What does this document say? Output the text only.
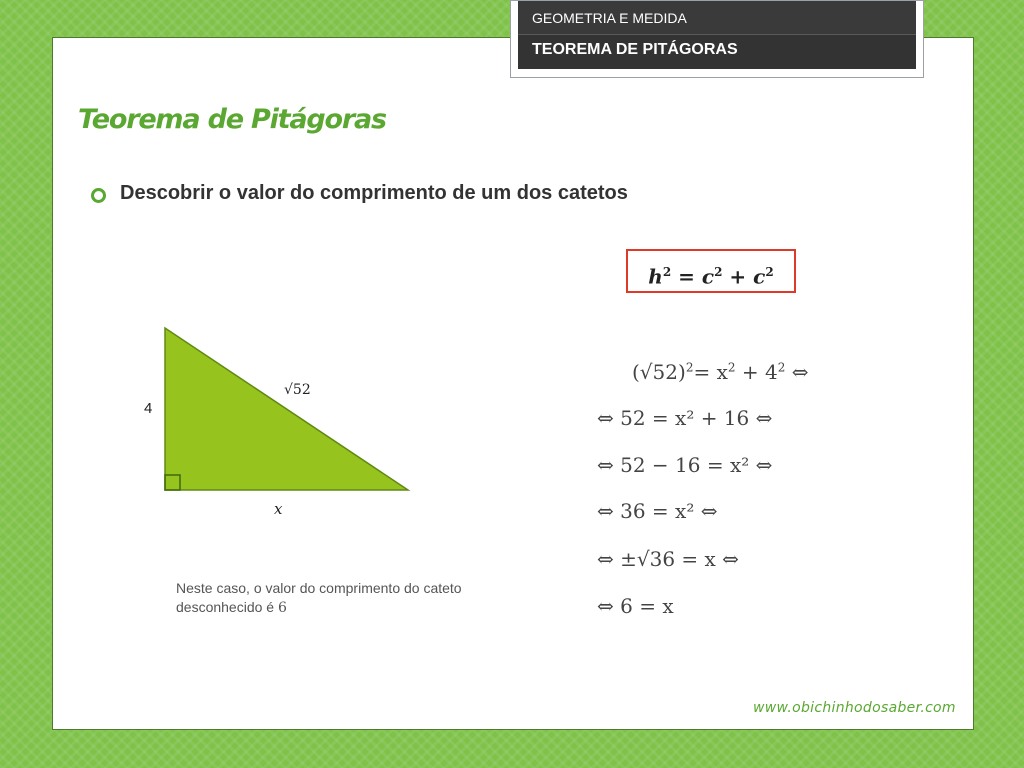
GEOMETRIA E MEDIDA
TEOREMA DE PITÁGORAS
Teorema de Pitágoras
Descobrir o valor do comprimento de um dos catetos
$h^2 = c^2 + c^2$
√52
4
x
Neste caso, o valor do comprimento do cateto
desconhecido é 6
$(√52)^2= x^2 + 4^2$ ⇔
⇔ 52 = x² + 16 ⇔
⇔ 52 − 16 = x² ⇔
⇔ 36 = x² ⇔
⇔ ±√36 = x ⇔
⇔ 6 = x
www.obichinhodosaber.com
